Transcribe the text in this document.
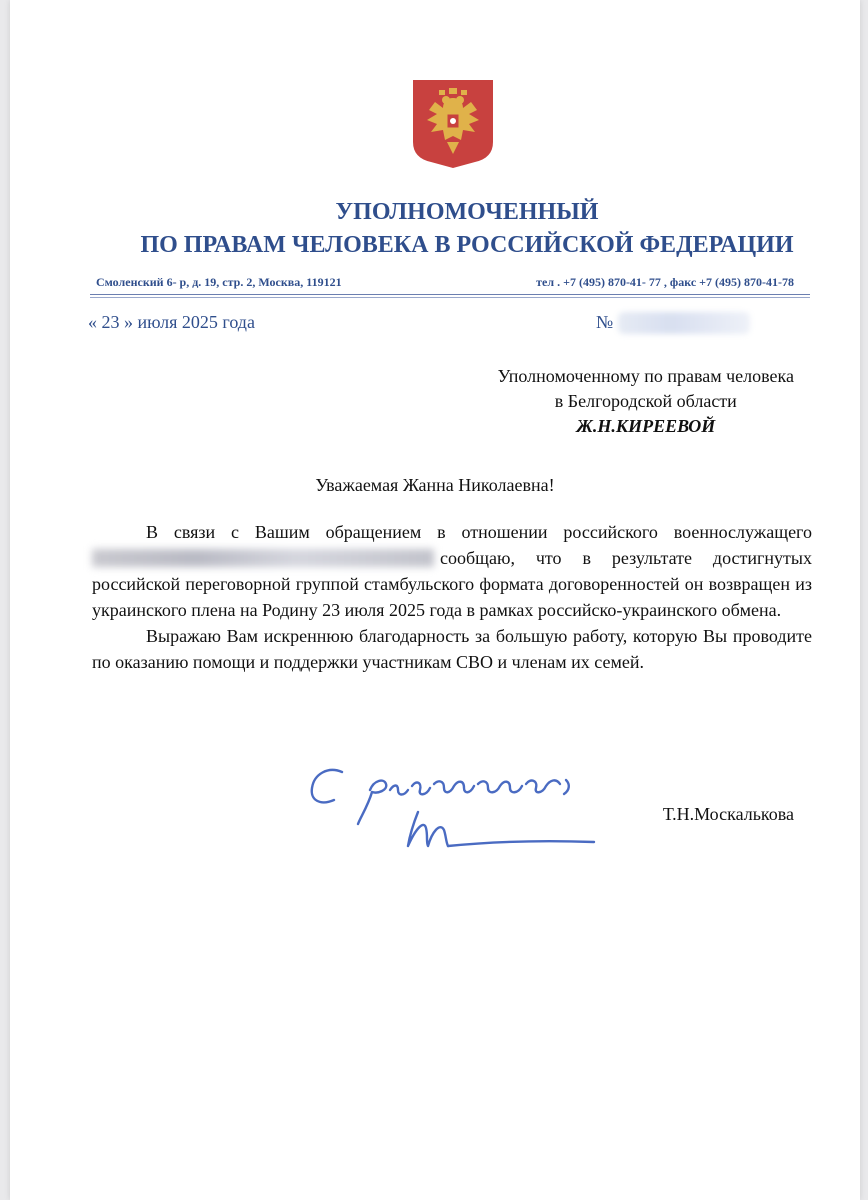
УПОЛНОМОЧЕННЫЙ
ПО ПРАВАМ ЧЕЛОВЕКА В РОССИЙСКОЙ ФЕДЕРАЦИИ
Смоленский 6- р, д. 19, стр. 2, Москва, 119121	тел . +7 (495) 870-41- 77 , факс +7 (495) 870-41-78
« 23 » июля 2025 года	№
Уполномоченному по правам человека
в Белгородской области
Ж.Н.КИРЕЕВОЙ
Уважаемая Жанна Николаевна!

В связи с Вашим обращением в отношении российского военнослужащего сообщаю, что в результате достигнутых российской переговорной группой стамбульского формата договоренностей он возвращен из украинского плена на Родину 23 июля 2025 года в рамках российско-украинского обмена.

Выражаю Вам искреннюю благодарность за большую работу, которую Вы проводите по оказанию помощи и поддержки участникам СВО и членам их семей.

Т.Н.Москалькова
